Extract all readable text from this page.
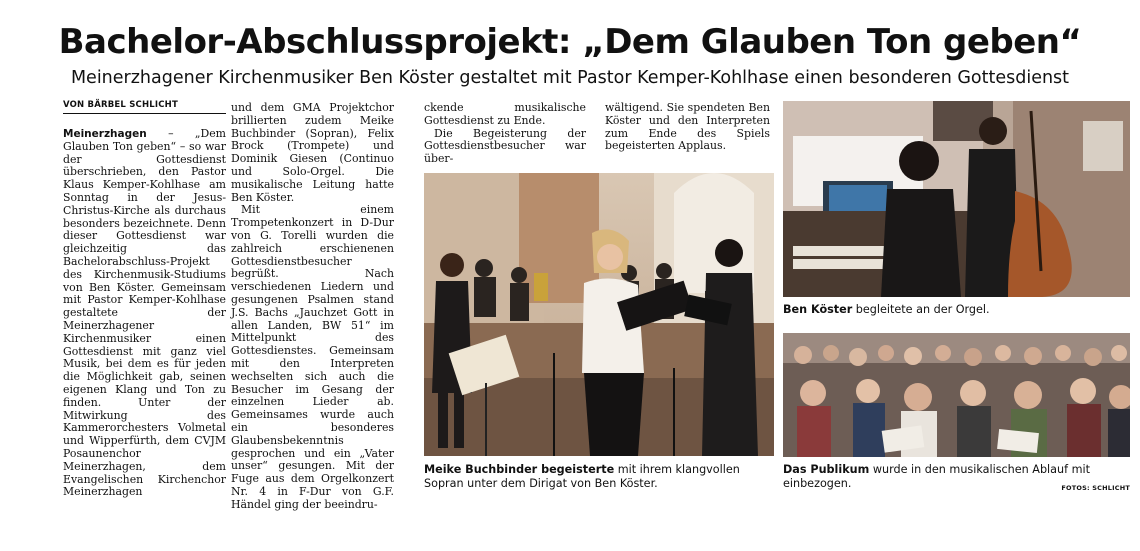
Bachelor-Abschlussprojekt: „Dem Glauben Ton geben“
Meinerzhagener Kirchenmusiker Ben Köster gestaltet mit Pastor Kemper-Kohlhase einen besonderen Gottesdienst
VON BÄRBEL SCHLICHT

Meinerzhagen – „Dem Glauben Ton geben“ – so war der Gottesdienst überschrieben, den Pastor Klaus Kemper-Kohlhase am Sonntag in der Jesus-Christus-Kirche als durchaus besonders bezeichnete. Denn dieser Gottesdienst war gleichzeitig das Bachelorabschluss-Projekt des Kirchenmusik-Studiums von Ben Köster. Gemeinsam mit Pastor Kemper-Kohlhase gestaltete der Meinerzhagener Kirchenmusiker einen Gottesdienst mit ganz viel Musik, bei dem es für jeden die Möglichkeit gab, seinen eigenen Klang und Ton zu finden. Unter der Mitwirkung des Kammerorchesters Volmetal und Wipperfürth, dem CVJM Posaunenchor Meinerzhagen, dem Evangelischen Kirchenchor Meinerzhagen

und dem GMA Projektchor brillierten zudem Meike Buchbinder (Sopran), Felix Brock (Trompete) und Dominik Giesen (Continuo und Solo-Orgel. Die musikalische Leitung hatte Ben Köster.

Mit einem Trompetenkonzert in D-Dur von G. Torelli wurden die zahlreich erschienenen Gottesdienstbesucher begrüßt. Nach verschiedenen Liedern und gesungenen Psalmen stand J.S. Bachs „Jauchzet Gott in allen Landen, BW 51“ im Mittelpunkt des Gottesdienstes. Gemeinsam mit den Interpreten wechselten sich auch die Besucher im Gesang der einzelnen Lieder ab. Gemeinsames wurde auch ein besonderes Glaubensbekenntnis gesprochen und ein „Vater unser“ gesungen. Mit der Fuge aus dem Orgelkonzert Nr. 4 in F-Dur von G.F. Händel ging der beeindru-

ckende musikalische Gottesdienst zu Ende.

Die Begeisterung der Gottesdienstbesucher war über-

wältigend. Sie spendeten Ben Köster und den Interpreten zum Ende des Spiels begeisterten Applaus.

Meike Buchbinder begeisterte mit ihrem klangvollen Sopran unter dem Dirigat von Ben Köster.
Ben Köster begleitete an der Orgel.
Das Publikum wurde in den musikalischen Ablauf mit einbezogen.	FOTOS: SCHLICHT
